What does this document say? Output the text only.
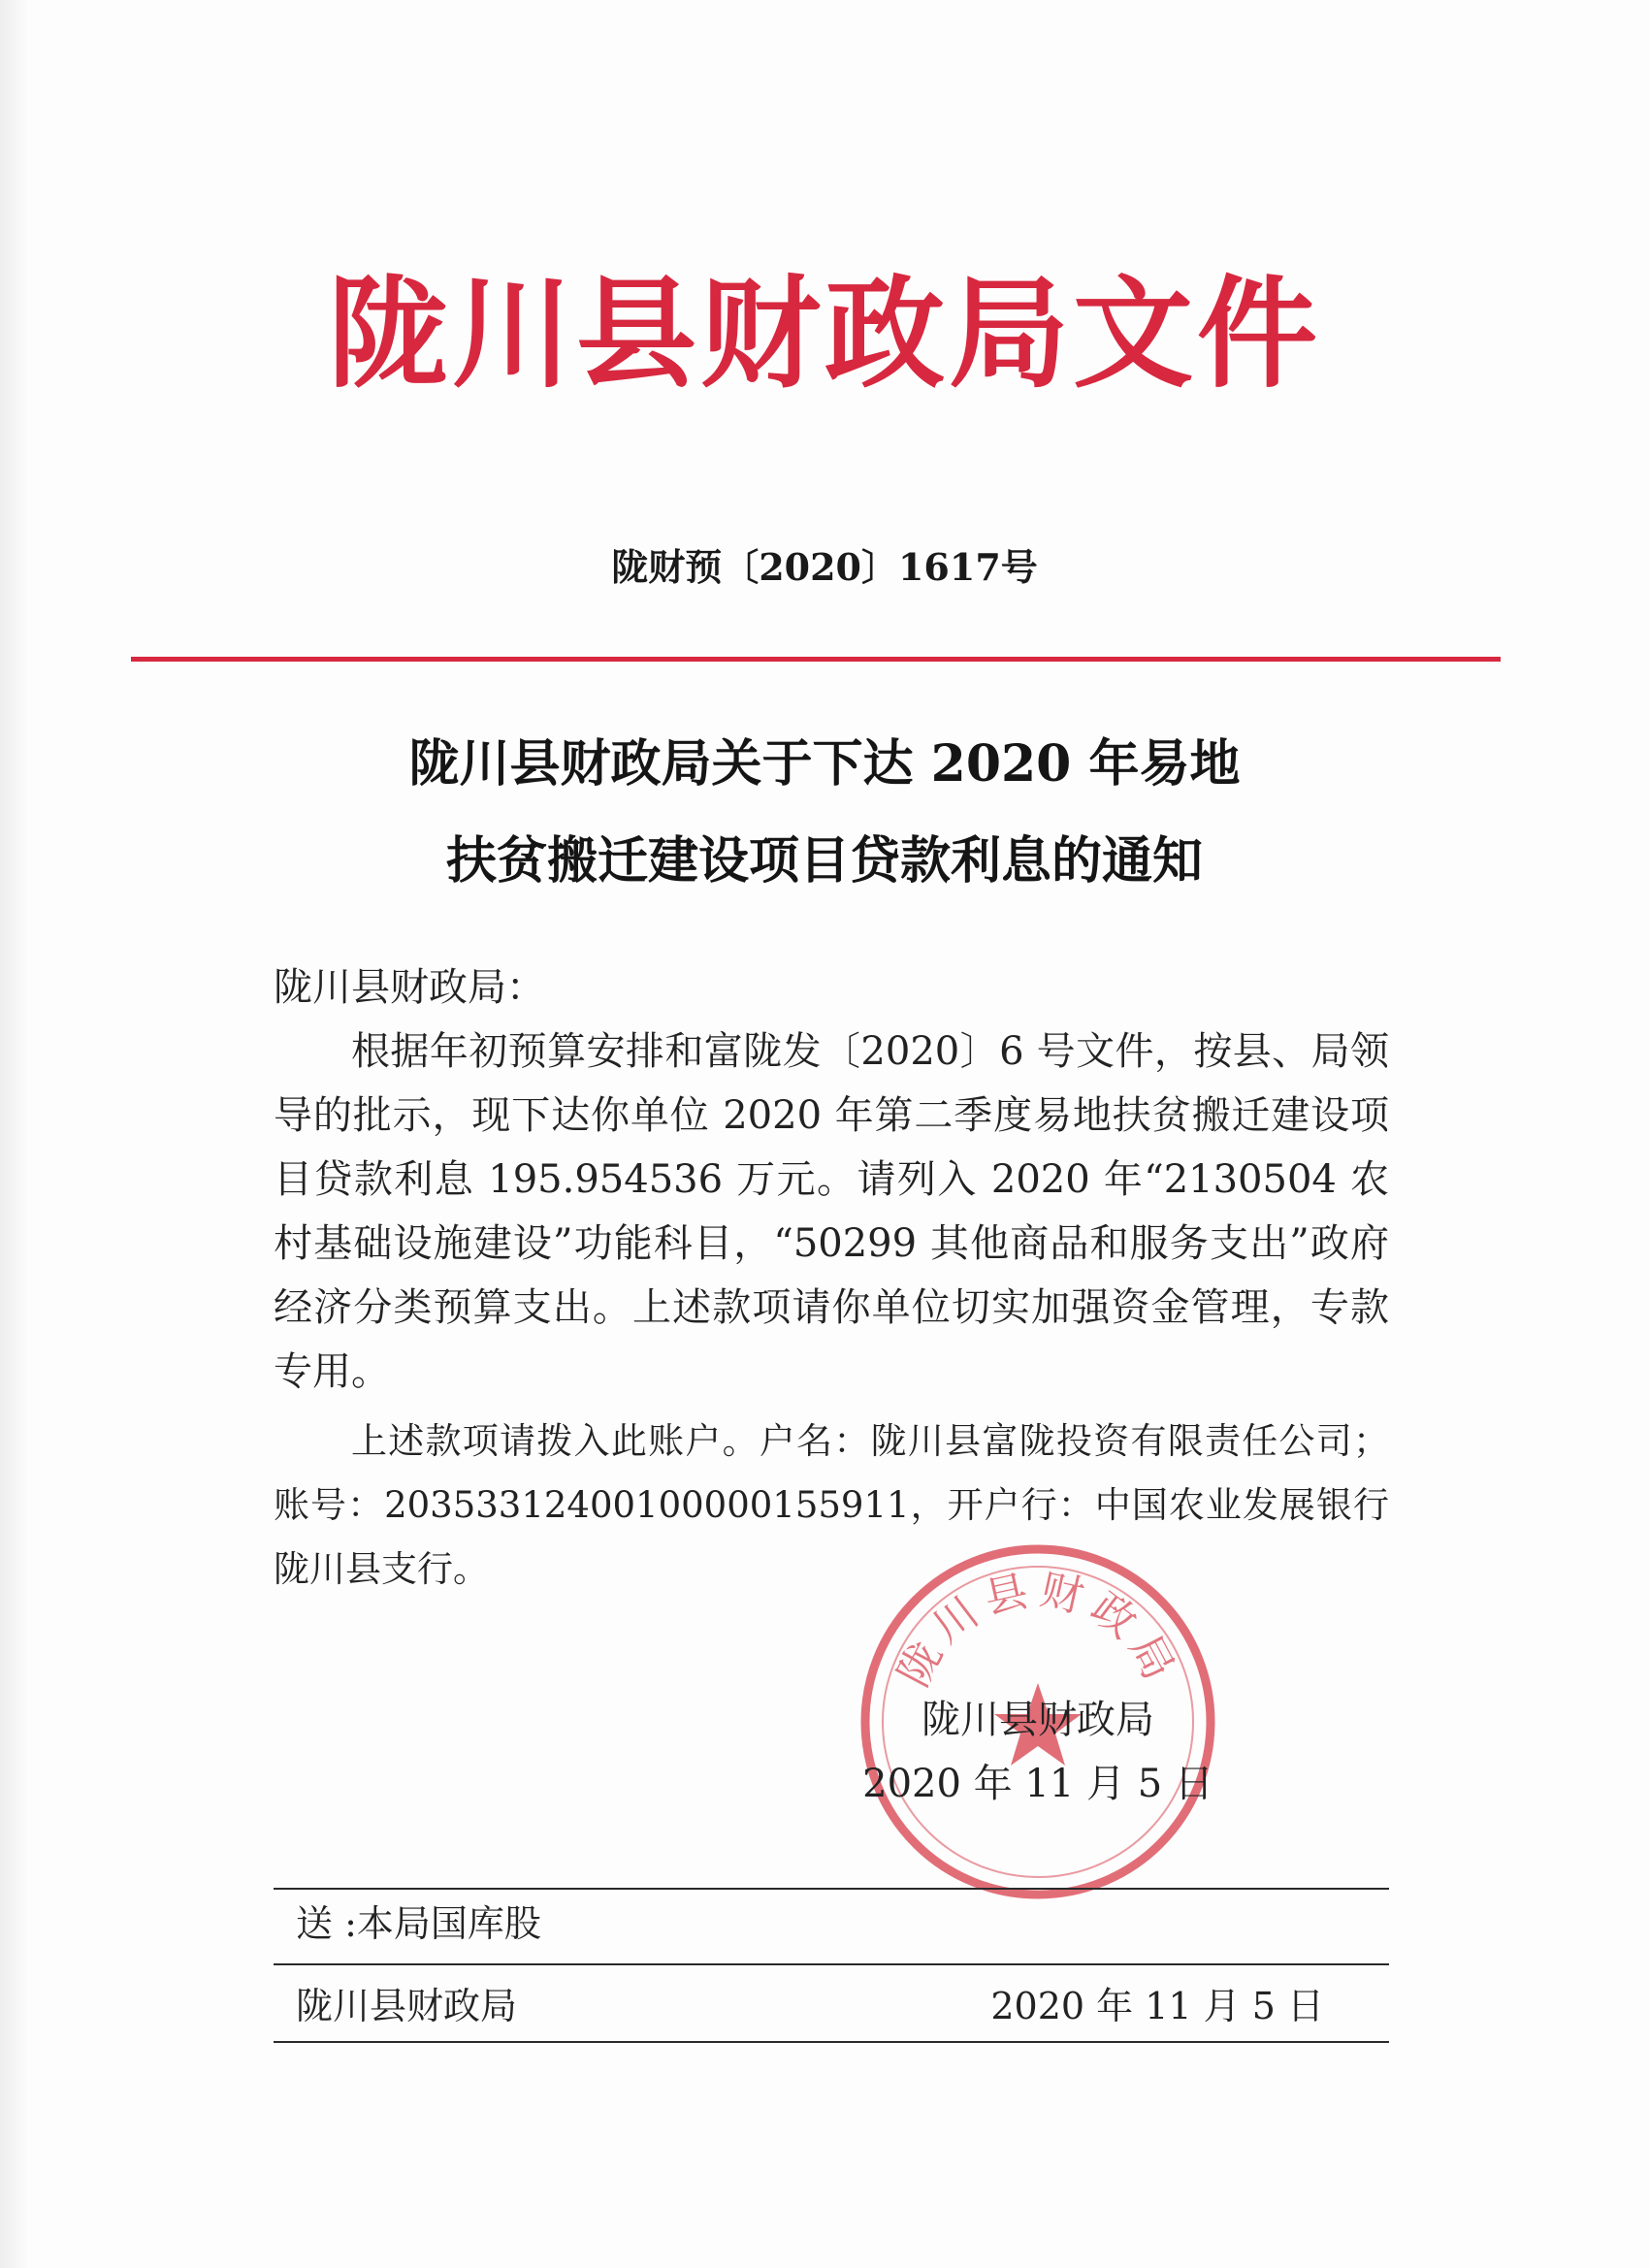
陇川县财政局文件
陇财预〔2020〕1617号
陇川县财政局关于下达 2020 年易地
扶贫搬迁建设项目贷款利息的通知

陇川县财政局：

根据年初预算安排和富陇发〔2020〕6 号文件，按县、局领导的批示，现下达你单位 2020 年第二季度易地扶贫搬迁建设项目贷款利息 195.954536 万元。请列入 2020 年“2130504 农村基础设施建设”功能科目，“50299 其他商品和服务支出”政府经济分类预算支出。上述款项请你单位切实加强资金管理，专款专用。

上述款项请拨入此账户。户名：陇川县富陇投资有限责任公司；账号：20353312400100000155911，开户行：中国农业发展银行陇川县支行。

陇川县财政局
陇川县财政局
2020 年 11 月 5 日
送 :本局国库股
陇川县财政局	2020 年 11 月 5 日
